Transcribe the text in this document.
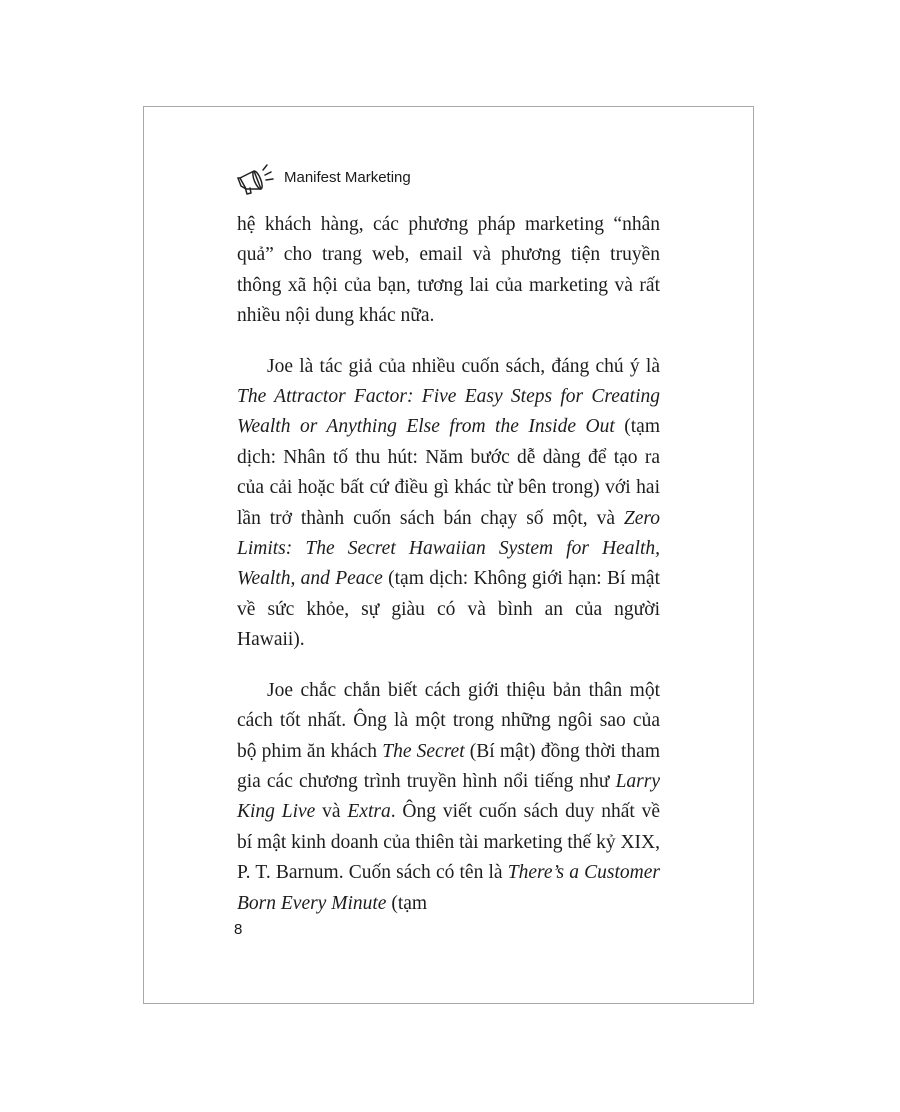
Manifest Marketing

hệ khách hàng, các phương pháp marketing “nhân quả” cho trang web, email và phương tiện truyền thông xã hội của bạn, tương lai của marketing và rất nhiều nội dung khác nữa.

Joe là tác giả của nhiều cuốn sách, đáng chú ý là The Attractor Factor: Five Easy Steps for Creating Wealth or Anything Else from the Inside Out (tạm dịch: Nhân tố thu hút: Năm bước dễ dàng để tạo ra của cải hoặc bất cứ điều gì khác từ bên trong) với hai lần trở thành cuốn sách bán chạy số một, và Zero Limits: The Secret Hawaiian System for Health, Wealth, and Peace (tạm dịch: Không giới hạn: Bí mật về sức khỏe, sự giàu có và bình an của người Hawaii).

Joe chắc chắn biết cách giới thiệu bản thân một cách tốt nhất. Ông là một trong những ngôi sao của bộ phim ăn khách The Secret (Bí mật) đồng thời tham gia các chương trình truyền hình nổi tiếng như Larry King Live và Extra. Ông viết cuốn sách duy nhất về bí mật kinh doanh của thiên tài marketing thế kỷ XIX, P. T. Barnum. Cuốn sách có tên là There’s a Customer Born Every Minute (tạm

8
